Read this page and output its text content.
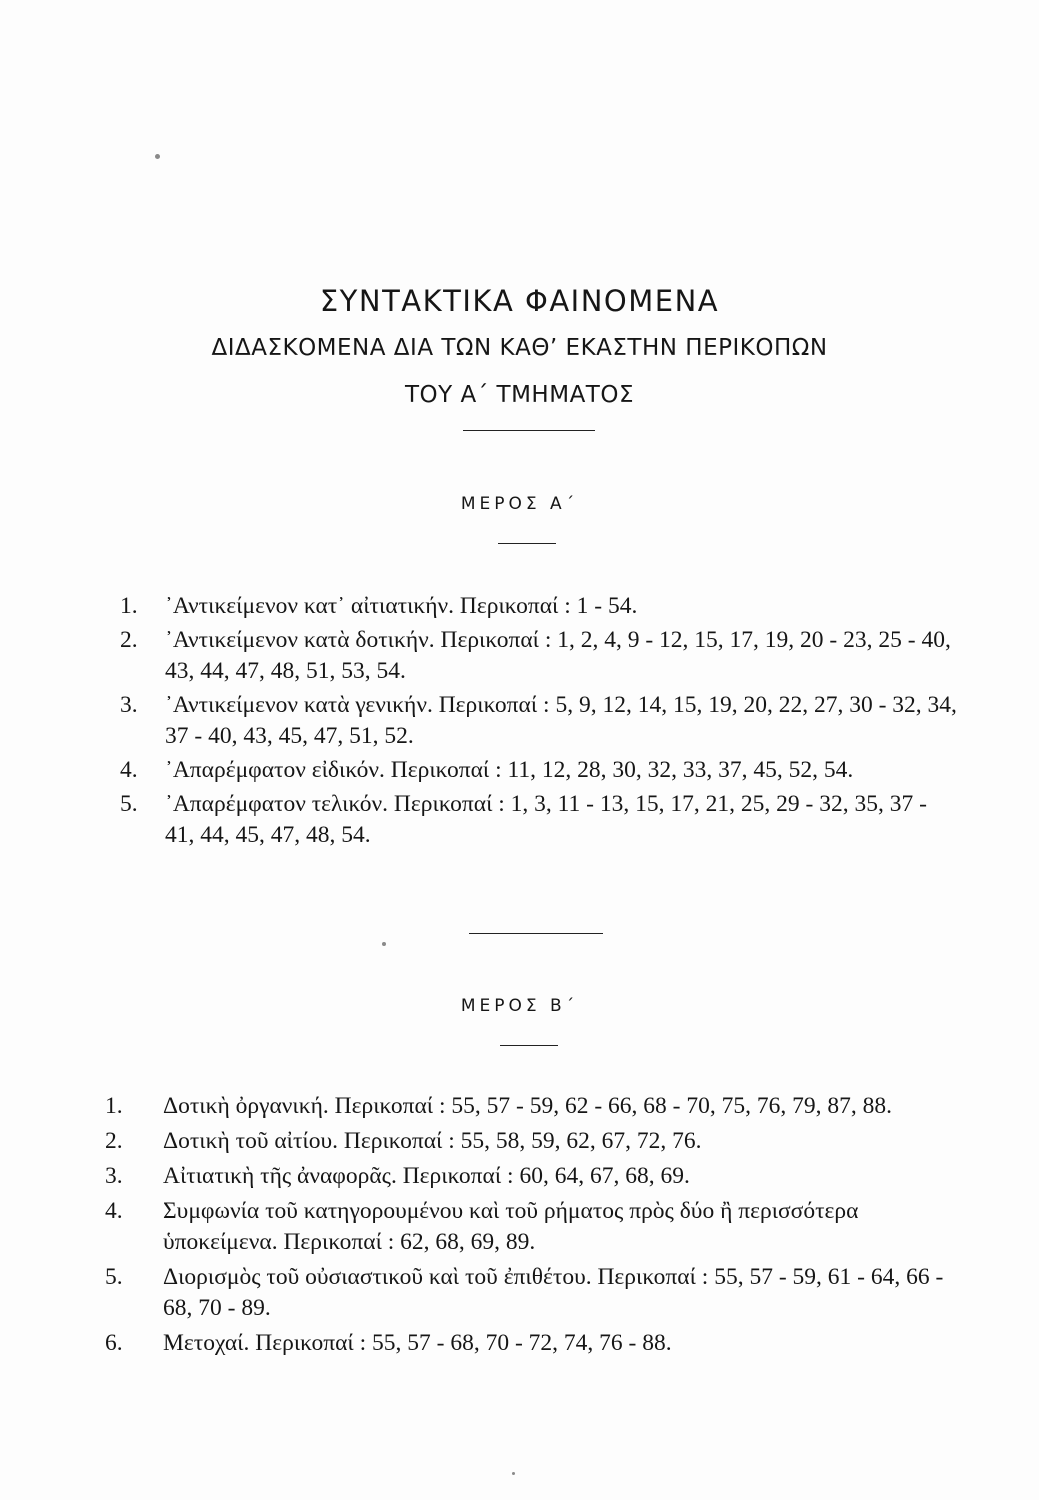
ΣΥΝΤΑΚΤΙΚΑ ΦΑΙΝΟΜΕΝΑ
ΔΙΔΑΣΚΟΜΕΝΑ ΔΙΑ ΤΩΝ ΚΑΘ’ ΕΚΑΣΤΗΝ ΠΕΡΙΚΟΠΩΝ
ΤΟΥ Α΄ ΤΜΗΜΑΤΟΣ
ΜΕΡΟΣ Α΄
1. ᾿Αντικείμενον κατ᾿ αἰτιατικήν. Περικοπαί : 1 - 54.
2. ᾿Αντικείμενον κατὰ δοτικήν. Περικοπαί : 1, 2, 4, 9 - 12, 15, 17, 19, 20 - 23, 25 - 40, 43, 44, 47, 48, 51, 53, 54.
3. ᾿Αντικείμενον κατὰ γενικήν. Περικοπαί : 5, 9, 12, 14, 15, 19, 20, 22, 27, 30 - 32, 34, 37 - 40, 43, 45, 47, 51, 52.
4. ᾿Απαρέμφατον εἰδικόν. Περικοπαί : 11, 12, 28, 30, 32, 33, 37, 45, 52, 54.
5. ᾿Απαρέμφατον τελικόν. Περικοπαί : 1, 3, 11 - 13, 15, 17, 21, 25, 29 - 32, 35, 37 - 41, 44, 45, 47, 48, 54.
ΜΕΡΟΣ Β΄
1. Δοτικὴ ὀργανική. Περικοπαί : 55, 57 - 59, 62 - 66, 68 - 70, 75, 76, 79, 87, 88.
2. Δοτικὴ τοῦ αἰτίου. Περικοπαί : 55, 58, 59, 62, 67, 72, 76.
3. Αἰτιατικὴ τῆς ἀναφορᾶς. Περικοπαί : 60, 64, 67, 68, 69.
4. Συμφωνία τοῦ κατηγορουμένου καὶ τοῦ ρήματος πρὸς δύο ἢ περισσότερα ὑποκείμενα. Περικοπαί : 62, 68, 69, 89.
5. Διορισμὸς τοῦ οὐσιαστικοῦ καὶ τοῦ ἐπιθέτου. Περικοπαί : 55, 57 - 59, 61 - 64, 66 - 68, 70 - 89.
6. Μετοχαί. Περικοπαί : 55, 57 - 68, 70 - 72, 74, 76 - 88.
